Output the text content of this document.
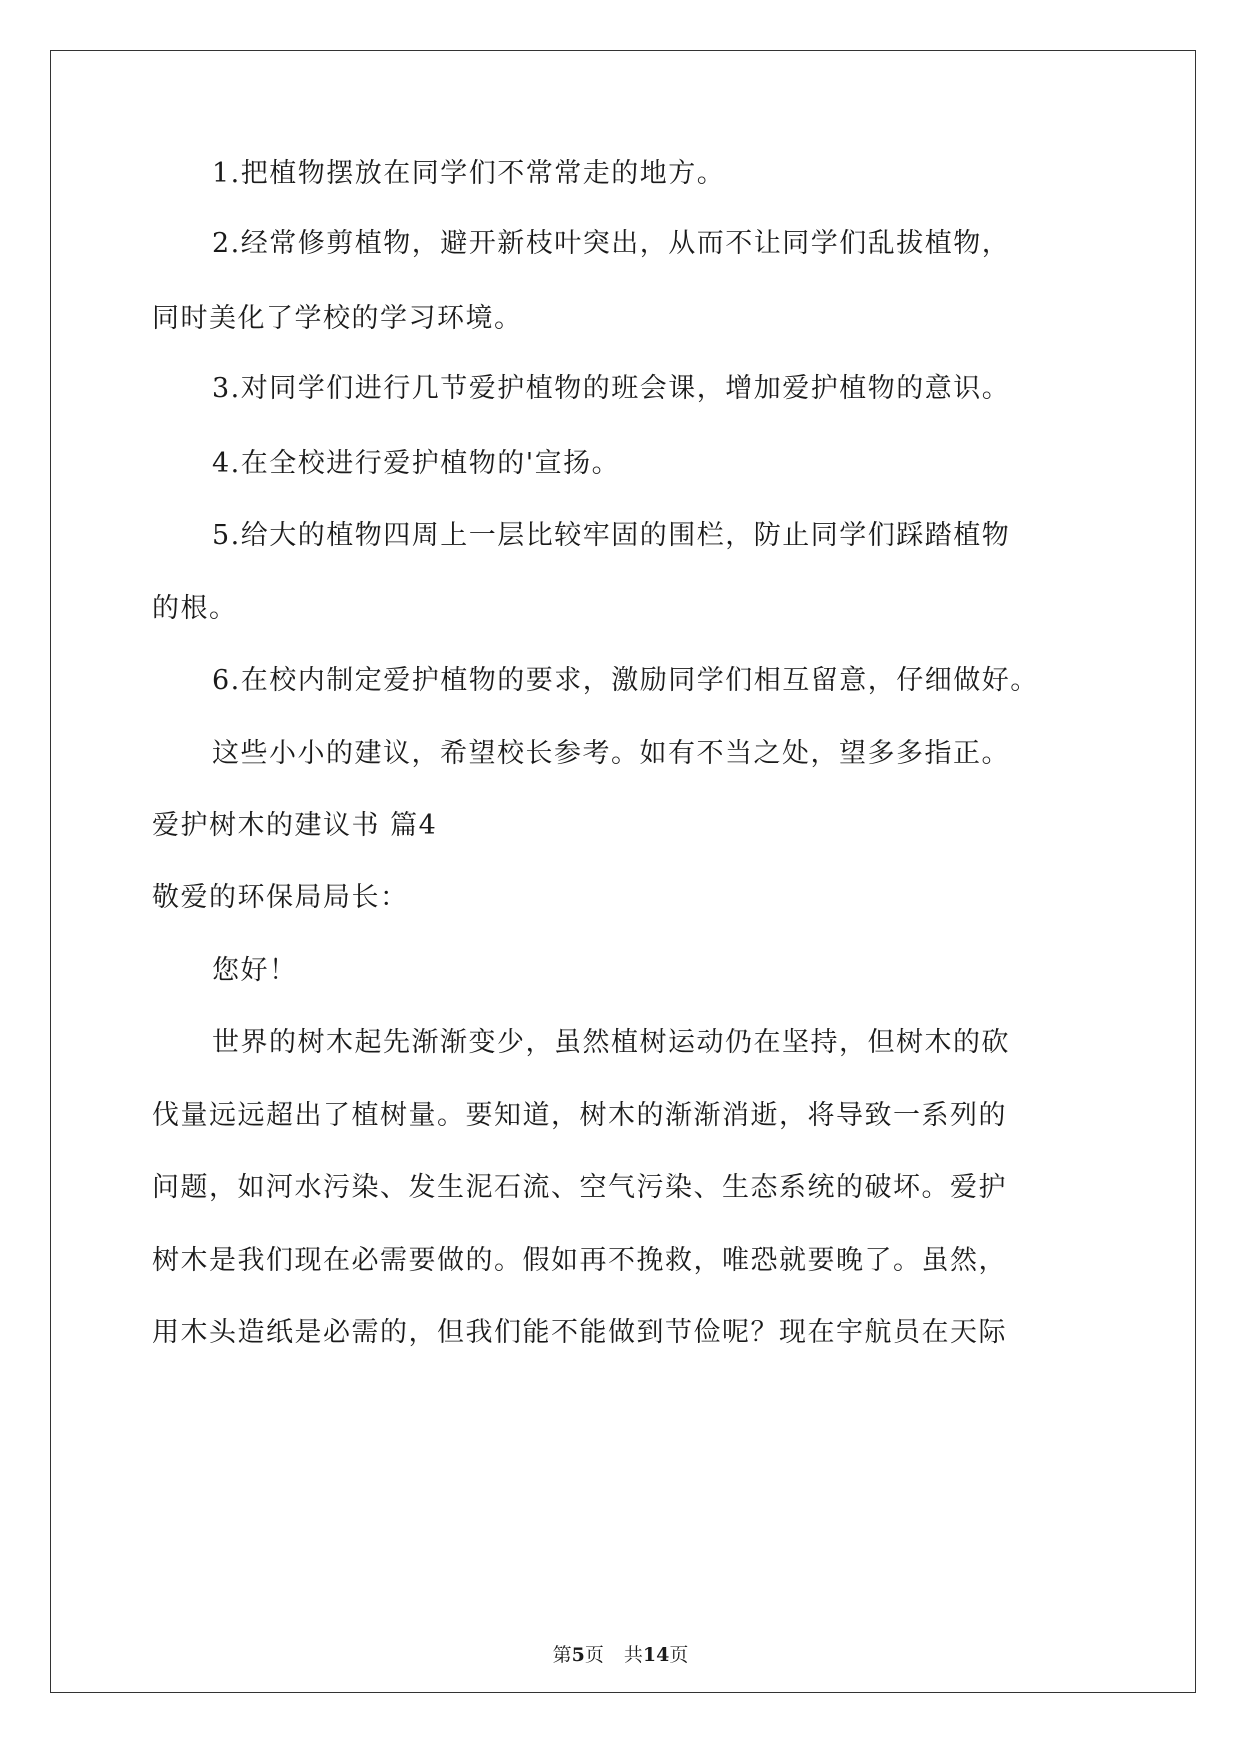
1.把植物摆放在同学们不常常走的地方。
2.经常修剪植物，避开新枝叶突出，从而不让同学们乱拔植物，
同时美化了学校的学习环境。
3.对同学们进行几节爱护植物的班会课，增加爱护植物的意识。
4.在全校进行爱护植物的'宣扬。
5.给大的植物四周上一层比较牢固的围栏，防止同学们踩踏植物
的根。
6.在校内制定爱护植物的要求，激励同学们相互留意，仔细做好。
这些小小的建议，希望校长参考。如有不当之处，望多多指正。
爱护树木的建议书 篇4
敬爱的环保局局长：
您好！
世界的树木起先渐渐变少，虽然植树运动仍在坚持，但树木的砍
伐量远远超出了植树量。要知道，树木的渐渐消逝，将导致一系列的
问题，如河水污染、发生泥石流、空气污染、生态系统的破坏。爱护
树木是我们现在必需要做的。假如再不挽救，唯恐就要晚了。虽然，
用木头造纸是必需的，但我们能不能做到节俭呢？现在宇航员在天际
第5页 共14页
